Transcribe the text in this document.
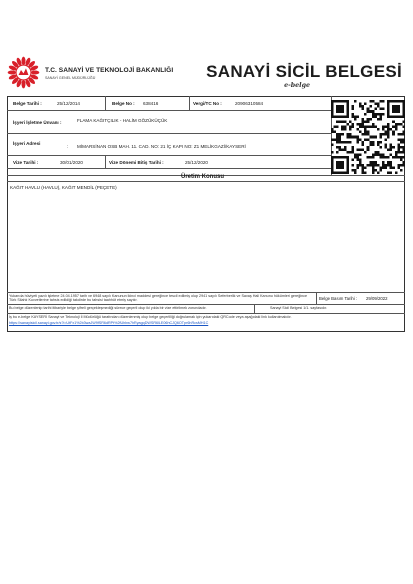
T.C. SANAYİ VE TEKNOLOJİ BAKANLIĞI
SANAYİ GENEL MÜDÜRLÜĞÜ	SANAYİ SİCİL BELGESİ
e-belge
Belge Tarihi :	25/12/2014	Belge No : 638416	Vergi/TC No :	20906310584
İşyeri İşletme Ünvanı :	FLAMA KAĞITÇILIK - HALİM GÖZÜKÜÇÜK
İşyeri Adresi
: MİMARSİNAN OSB MAH. 11. CAD. NO: 21 İÇ KAPI NO: Z1 MELİKGAZİ/KAYSERİ
Vize Tarihi :	30/01/2020	Vize Dönemi Bitiş Tarihi :	25/12/2020
Üretim Konusu
KAĞIT HAVLU (HAVLU), KAĞIT MENDİL (PEÇETE)
Yukarıda hüviyeti yazılı işletme 24.04.1957 tarih ve 6948 sayılı Kanunun ikinci maddesi gereğince tescil edilmiş olup 2941 sayılı Seferberlik ve Savaş Hali Kanunu hükümleri gereğince Türk Silahlı Kuvvetlerine tahsis edildiği takdirde bu tahsisi taahhüt etmiş sayılır.	Belge Basım Tarihi : 29/09/2022
Bu belge düzenlenip tarihi itibariyle belge şifreli gerçekleşmediği sürece geçerli olup iki yılda bir vize ettirilmek zorundadır.	Sanayi Sicil Belgesi 1/1. sayfasıdır.
İş bu e-belge KAYSERİ Sanayi ve Teknoloji İl Müdürlüğü tarafından düzenlenmiş olup belge geçerliliği doğrulamak için yukarıdaki QRCode veya aşağıdaki link kullanılmalıdır.
https://sanayisicil.sanayi.gov.tr/s?i=UtFx1%2b3waJW9fSR6dRPt%2fUhbw7hRyagqDWSR6lLE06hCJQ6OTpr6hRcsMH1C
